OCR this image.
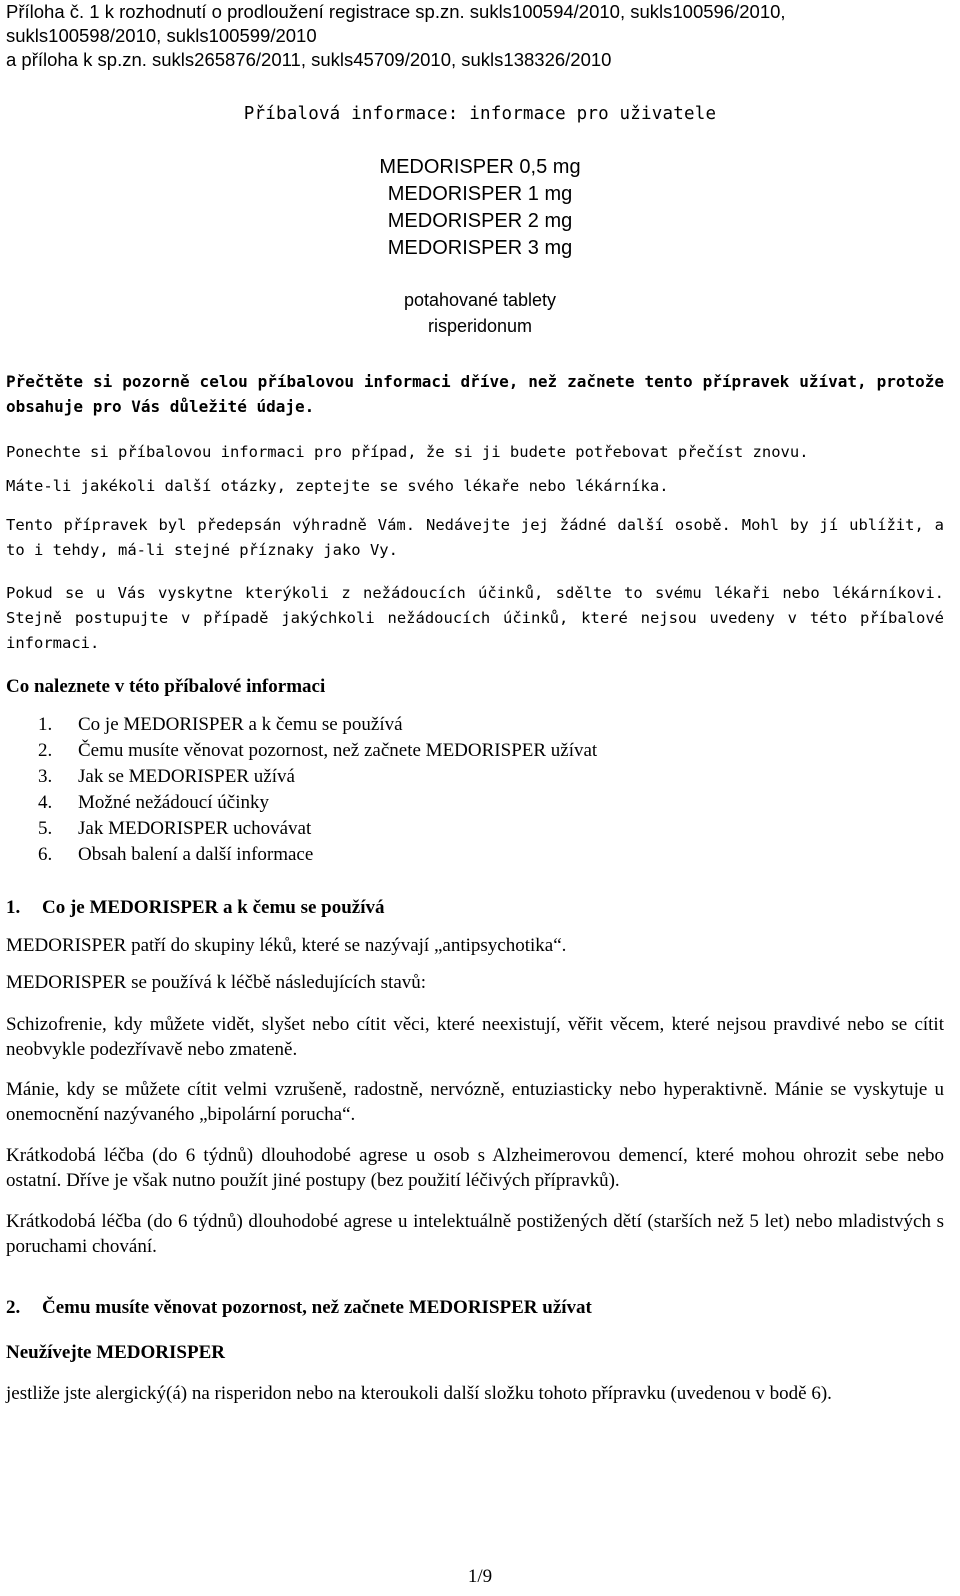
Příloha č. 1 k rozhodnutí o prodloužení registrace sp.zn. sukls100594/2010, sukls100596/2010,
sukls100598/2010, sukls100599/2010
a příloha k sp.zn. sukls265876/2011, sukls45709/2010, sukls138326/2010
Příbalová informace: informace pro uživatele
MEDORISPER 0,5 mg
MEDORISPER 1 mg
MEDORISPER 2 mg
MEDORISPER 3 mg
potahované tablety
risperidonum
Přečtěte si pozorně celou příbalovou informaci dříve, než začnete tento přípravek užívat, protože obsahuje pro Vás důležité údaje.
Ponechte si příbalovou informaci pro případ, že si ji budete potřebovat přečíst znovu.
Máte-li jakékoli další otázky, zeptejte se svého lékaře nebo lékárníka.
Tento přípravek byl předepsán výhradně Vám. Nedávejte jej žádné další osobě. Mohl by jí ublížit, a to i tehdy, má-li stejné příznaky jako Vy.
Pokud se u Vás vyskytne kterýkoli z nežádoucích účinků, sdělte to svému lékaři nebo lékárníkovi. Stejně postupujte v případě jakýchkoli nežádoucích účinků, které nejsou uvedeny v této příbalové informaci.
Co naleznete v této příbalové informaci
1. Co je MEDORISPER a k čemu se používá
2. Čemu musíte věnovat pozornost, než začnete MEDORISPER užívat
3. Jak se MEDORISPER užívá
4. Možné nežádoucí účinky
5. Jak MEDORISPER uchovávat
6. Obsah balení a další informace
1. Co je MEDORISPER a k čemu se používá
MEDORISPER patří do skupiny léků, které se nazývají „antipsychotika“.
MEDORISPER se používá k léčbě následujících stavů:
Schizofrenie, kdy můžete vidět, slyšet nebo cítit věci, které neexistují, věřit věcem, které nejsou pravdivé nebo se cítit neobvykle podezřívavě nebo zmateně.
Mánie, kdy se můžete cítit velmi vzrušeně, radostně, nervózně, entuziasticky nebo hyperaktivně. Mánie se vyskytuje u onemocnění nazývaného „bipolární porucha“.
Krátkodobá léčba (do 6 týdnů) dlouhodobé agrese u osob s Alzheimerovou demencí, které mohou ohrozit sebe nebo ostatní. Dříve je však nutno použít jiné postupy (bez použití léčivých přípravků).
Krátkodobá léčba (do 6 týdnů) dlouhodobé agrese u intelektuálně postižených dětí (starších než 5 let) nebo mladistvých s poruchami chování.
2. Čemu musíte věnovat pozornost, než začnete MEDORISPER užívat
Neužívejte MEDORISPER
jestliže jste alergický(á) na risperidon nebo na kteroukoli další složku tohoto přípravku (uvedenou v bodě 6).
1/9
